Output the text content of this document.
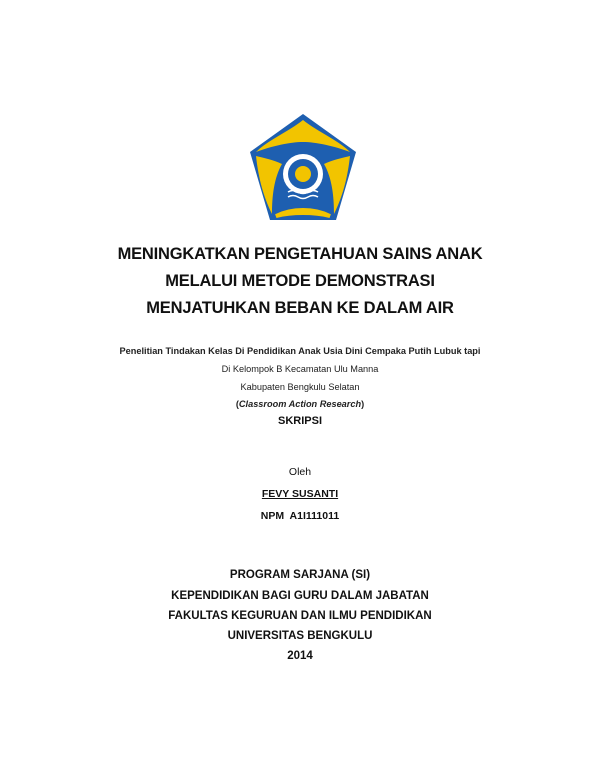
MENINGKATKAN PENGETAHUAN SAINS ANAK
MELALUI METODE DEMONSTRASI
MENJATUHKAN BEBAN KE DALAM AIR
Penelitian Tindakan Kelas Di Pendidikan Anak Usia Dini Cempaka Putih Lubuk tapi
Di Kelompok B Kecamatan Ulu Manna
Kabupaten Bengkulu Selatan
(Classroom Action Research)
SKRIPSI
Oleh
FEVY SUSANTI
NPM  A1I111011
PROGRAM SARJANA (SI)
KEPENDIDIKAN BAGI GURU DALAM JABATAN
FAKULTAS KEGURUAN DAN ILMU PENDIDIKAN
UNIVERSITAS BENGKULU
2014
